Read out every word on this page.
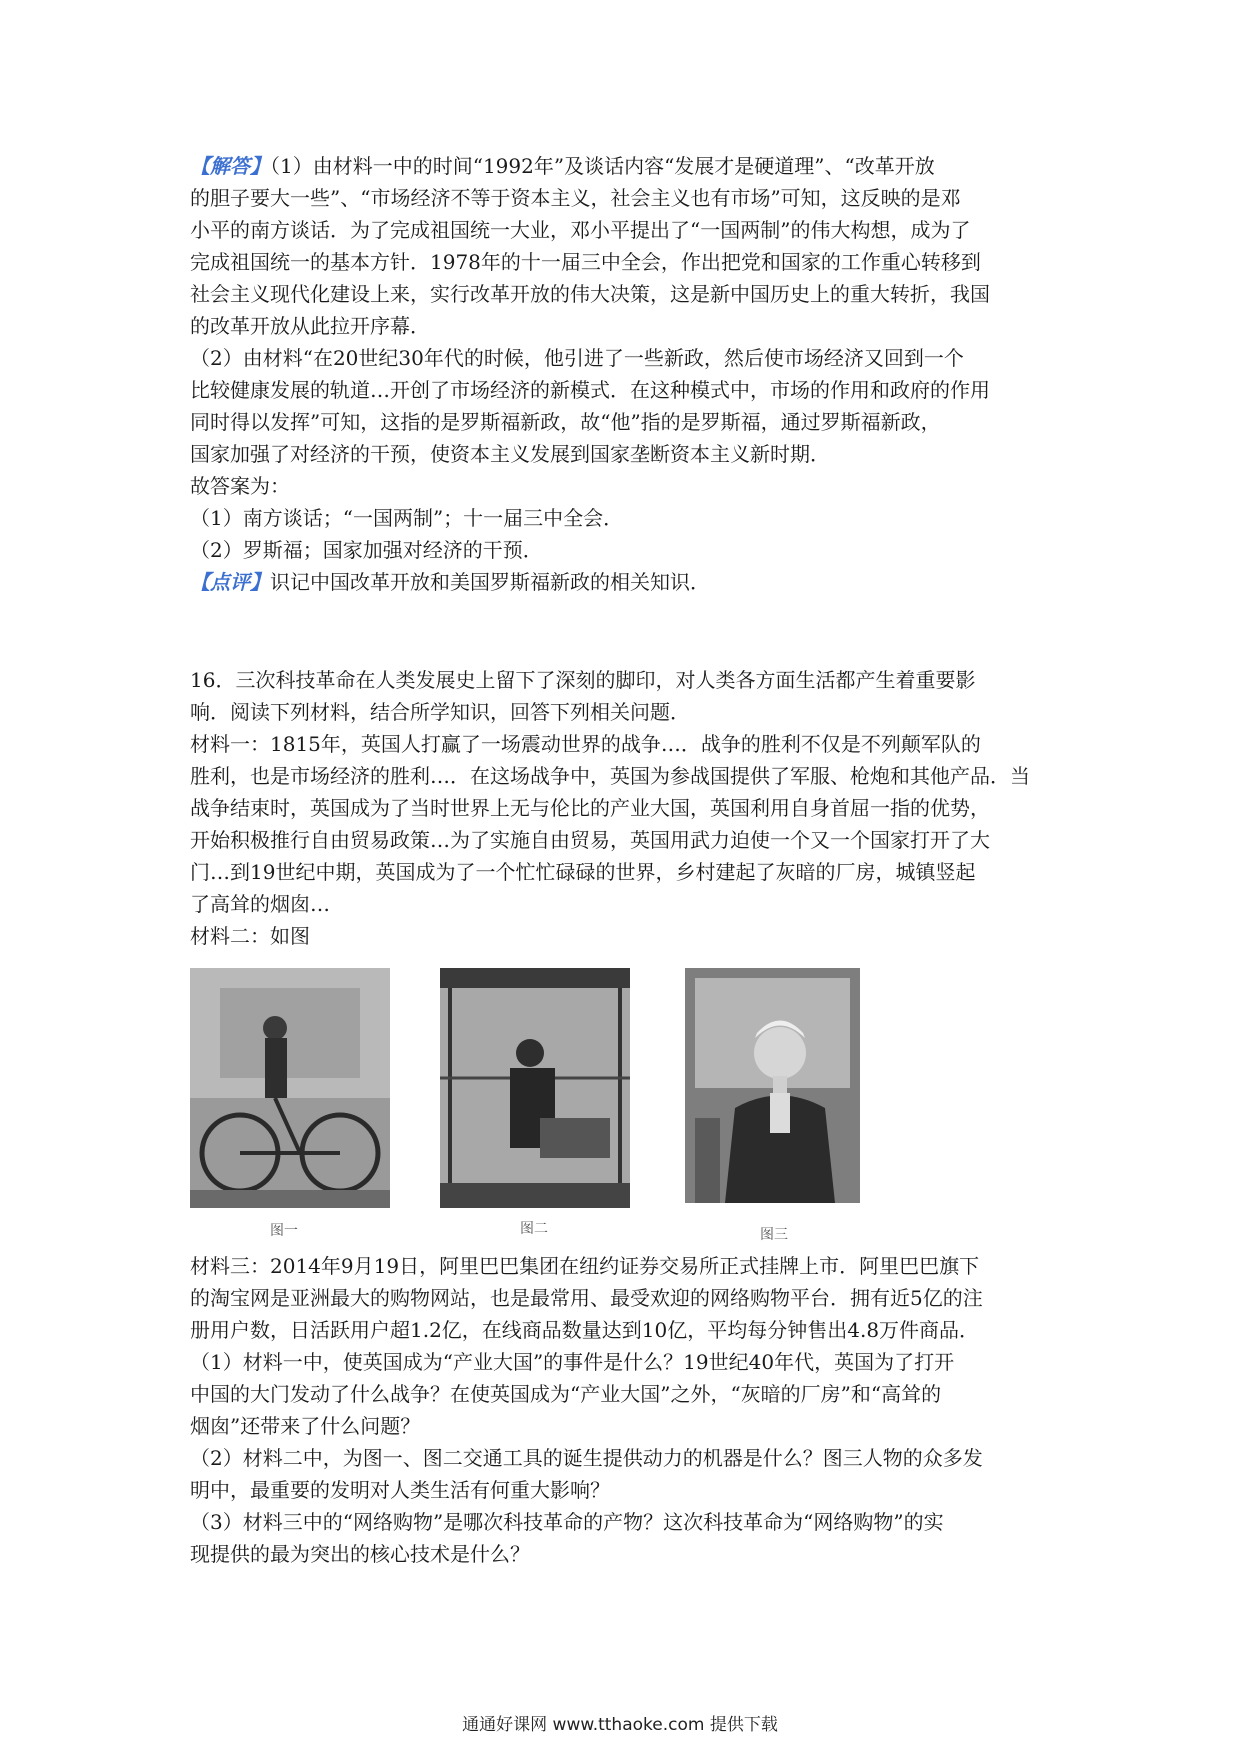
【解答】（1）由材料一中的时间“1992年”及谈话内容“发展才是硬道理”、“改革开放

的胆子要大一些”、“市场经济不等于资本主义，社会主义也有市场”可知，这反映的是邓

小平的南方谈话．为了完成祖国统一大业，邓小平提出了“一国两制”的伟大构想，成为了

完成祖国统一的基本方针．1978年的十一届三中全会，作出把党和国家的工作重心转移到

社会主义现代化建设上来，实行改革开放的伟大决策，这是新中国历史上的重大转折，我国

的改革开放从此拉开序幕．

（2）由材料“在20世纪30年代的时候，他引进了一些新政，然后使市场经济又回到一个

比较健康发展的轨道…开创了市场经济的新模式．在这种模式中，市场的作用和政府的作用

同时得以发挥”可知，这指的是罗斯福新政，故“他”指的是罗斯福，通过罗斯福新政，

国家加强了对经济的干预，使资本主义发展到国家垄断资本主义新时期．

故答案为：

（1）南方谈话；“一国两制”；十一届三中全会．

（2）罗斯福；国家加强对经济的干预．

【点评】识记中国改革开放和美国罗斯福新政的相关知识．

16．三次科技革命在人类发展史上留下了深刻的脚印，对人类各方面生活都产生着重要影

响．阅读下列材料，结合所学知识，回答下列相关问题．

材料一：1815年，英国人打赢了一场震动世界的战争…．战争的胜利不仅是不列颠军队的

胜利，也是市场经济的胜利…．在这场战争中，英国为参战国提供了军服、枪炮和其他产品．当

战争结束时，英国成为了当时世界上无与伦比的产业大国，英国利用自身首屈一指的优势，

开始积极推行自由贸易政策…为了实施自由贸易，英国用武力迫使一个又一个国家打开了大

门…到19世纪中期，英国成为了一个忙忙碌碌的世界，乡村建起了灰暗的厂房，城镇竖起

了高耸的烟囱…

材料二：如图

图一	图二	图三

材料三：2014年9月19日，阿里巴巴集团在纽约证券交易所正式挂牌上市．阿里巴巴旗下

的淘宝网是亚洲最大的购物网站，也是最常用、最受欢迎的网络购物平台．拥有近5亿的注

册用户数，日活跃用户超1.2亿，在线商品数量达到10亿，平均每分钟售出4.8万件商品．

（1）材料一中，使英国成为“产业大国”的事件是什么？19世纪40年代，英国为了打开

中国的大门发动了什么战争？在使英国成为“产业大国”之外，“灰暗的厂房”和“高耸的

烟囱”还带来了什么问题？

（2）材料二中，为图一、图二交通工具的诞生提供动力的机器是什么？图三人物的众多发

明中，最重要的发明对人类生活有何重大影响？

（3）材料三中的“网络购物”是哪次科技革命的产物？这次科技革命为“网络购物”的实

现提供的最为突出的核心技术是什么？

通通好课网 www.tthaoke.com 提供下载
